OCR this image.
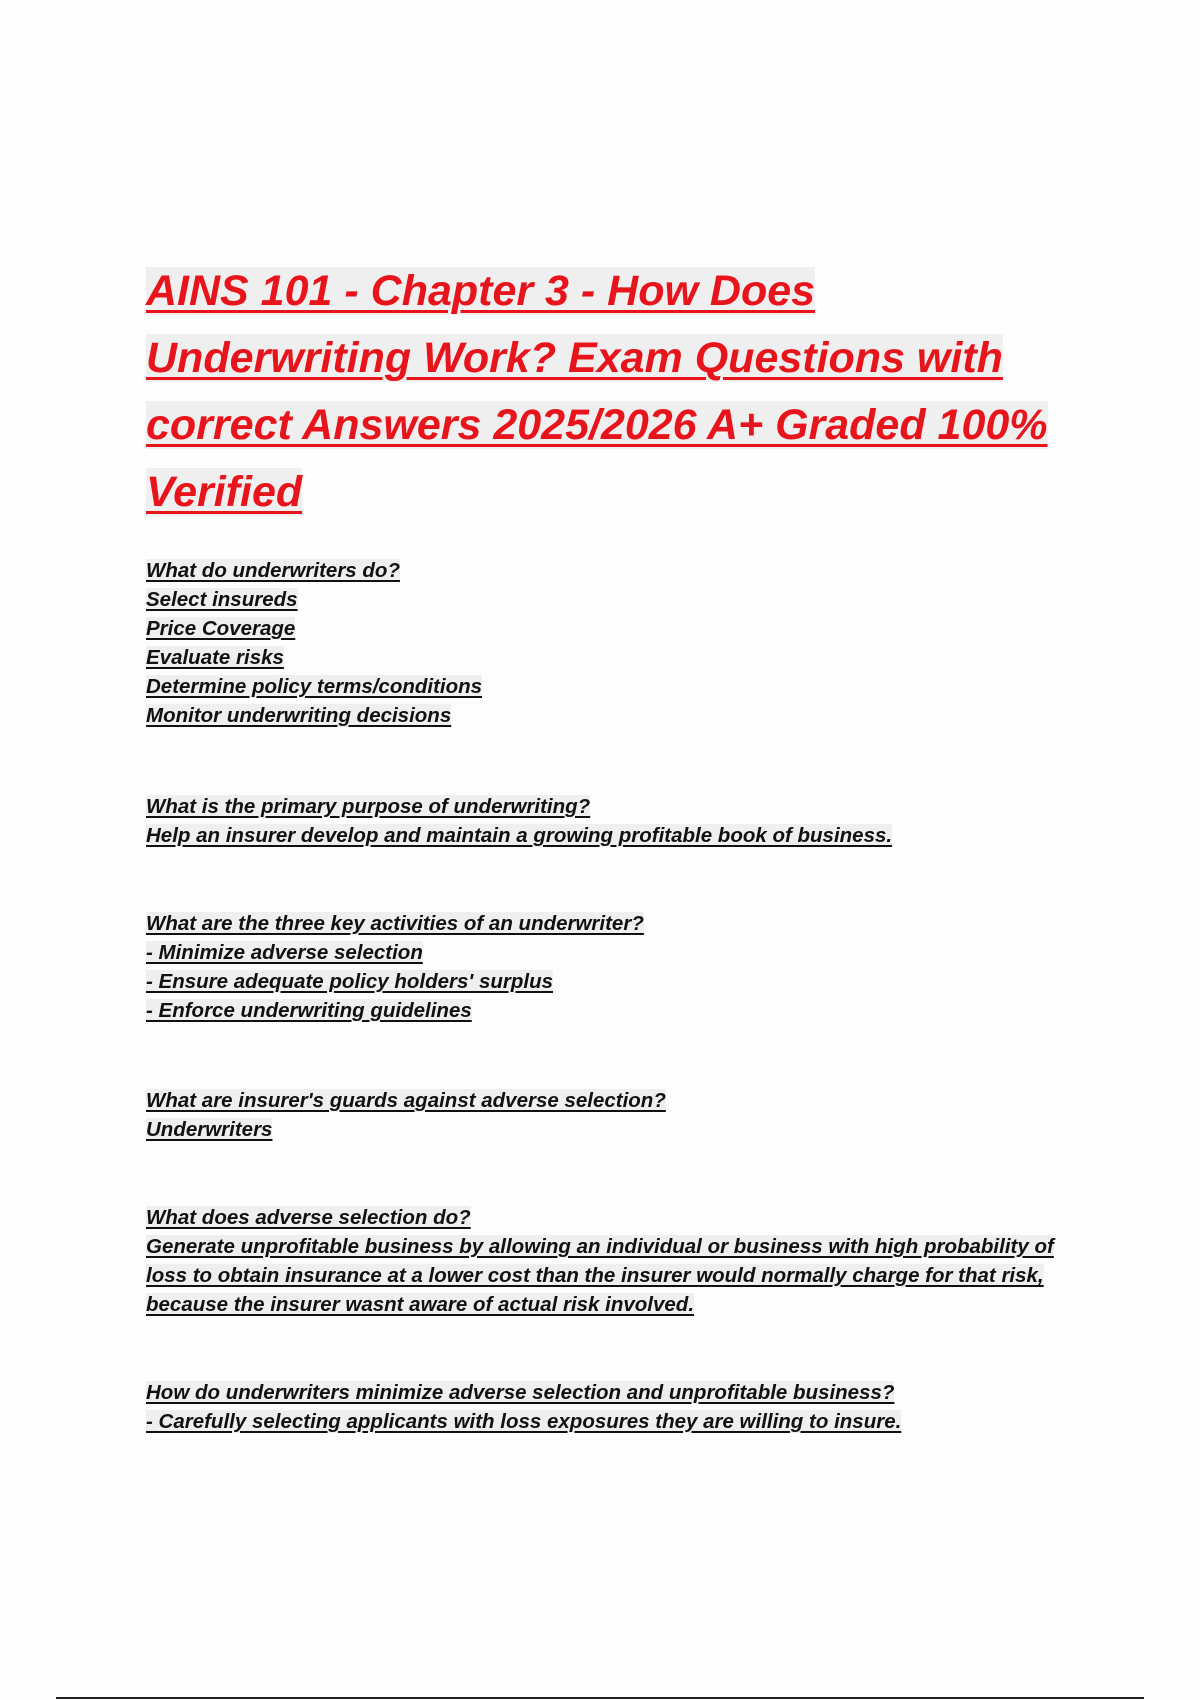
AINS 101 - Chapter 3 - How Does Underwriting Work? Exam Questions with correct Answers 2025/2026 A+ Graded 100% Verified
What do underwriters do?
Select insureds
Price Coverage
Evaluate risks
Determine policy terms/conditions
Monitor underwriting decisions
What is the primary purpose of underwriting?
Help an insurer develop and maintain a growing profitable book of business.
What are the three key activities of an underwriter?
- Minimize adverse selection
- Ensure adequate policy holders' surplus
- Enforce underwriting guidelines
What are insurer's guards against adverse selection?
Underwriters
What does adverse selection do?
Generate unprofitable business by allowing an individual or business with high probability of loss to obtain insurance at a lower cost than the insurer would normally charge for that risk, because the insurer wasnt aware of actual risk involved.
How do underwriters minimize adverse selection and unprofitable business?
- Carefully selecting applicants with loss exposures they are willing to insure.
